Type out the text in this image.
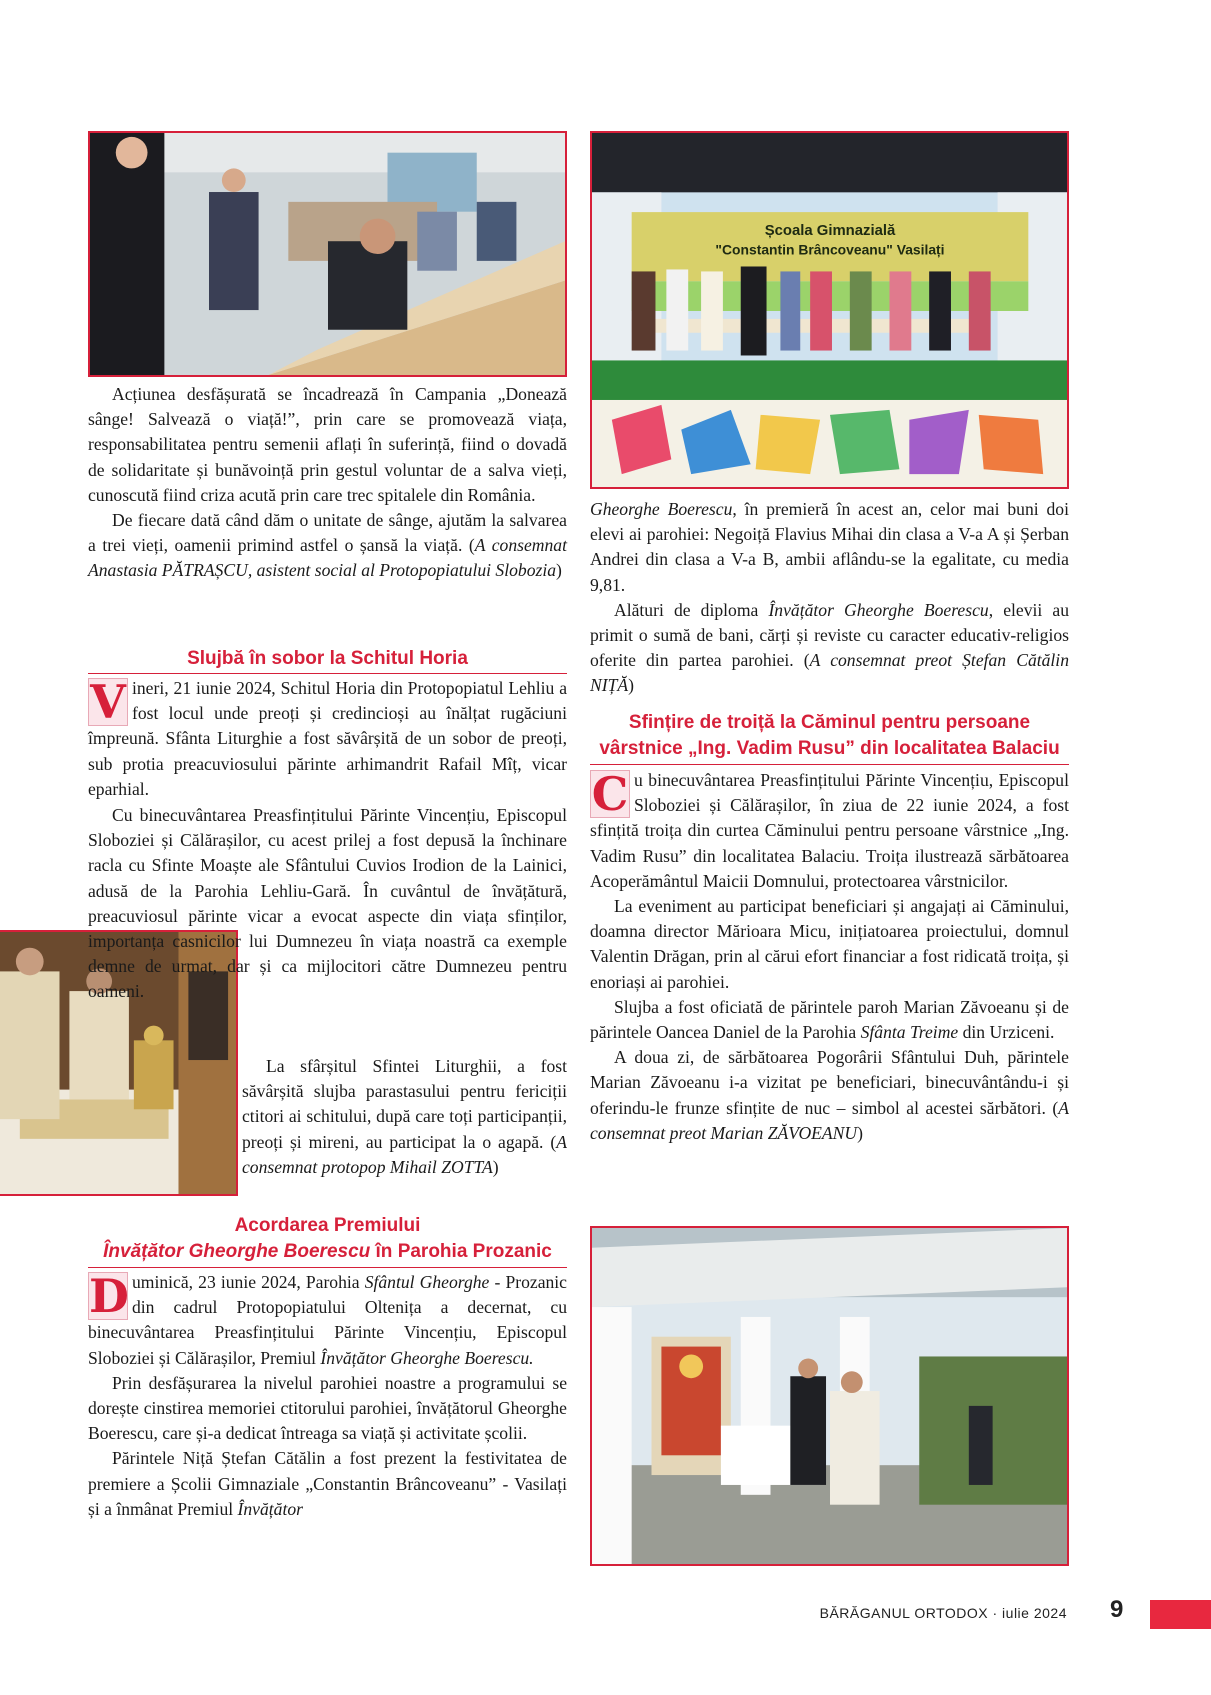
Acțiunea desfășurată se încadrează în Campania „Donează sânge! Salvează o viață!”, prin care se promovează viața, responsabilitatea pentru semenii aflați în suferință, fiind o dovadă de solidaritate și bunăvoință prin gestul voluntar de a salva vieți, cunoscută fiind criza acută prin care trec spitalele din România.

De fiecare dată când dăm o unitate de sânge, ajutăm la salvarea a trei vieți, oamenii primind astfel o șansă la viață. (A consemnat Anastasia PĂTRAȘCU, asistent social al Protopopiatului Slobozia)

Slujbă în sobor la Schitul Horia

V ineri, 21 iunie 2024, Schitul Horia din Protopopiatul Lehliu a fost locul unde preoți și credincioși au înălțat rugăciuni împreună. Sfânta Liturghie a fost săvârșită de un sobor de preoți, sub protia preacuviosului părinte arhimandrit Rafail Mîț, vicar eparhial.

Cu binecuvântarea Preasfințitului Părinte Vincențiu, Episcopul Sloboziei și Călărașilor, cu acest prilej a fost depusă la închinare racla cu Sfinte Moaște ale Sfântului Cuvios Irodion de la Lainici, adusă de la Parohia Lehliu-Gară. În cuvântul de învățătură, preacuviosul părinte vicar a evocat aspecte din viața sfinților, importanța casnicilor lui Dumnezeu în viața noastră ca exemple demne de urmat, dar și ca mijlocitori către Dumnezeu pentru oameni.

La sfârșitul Sfintei Liturghii, a fost săvârșită slujba parastasului pentru fericiții ctitori ai schitului, după care toți participanții, preoți și mireni, au participat la o agapă. (A consemnat protopop Mihail ZOTTA)

Acordarea Premiului
Învățător Gheorghe Boerescu în Parohia Prozanic

D uminică, 23 iunie 2024, Parohia Sfântul Gheorghe - Prozanic din cadrul Protopopiatului Oltenița a decernat, cu binecuvântarea Preasfințitului Părinte Vincențiu, Episcopul Sloboziei și Călărașilor, Premiul Învățător Gheorghe Boerescu.

Prin desfășurarea la nivelul parohiei noastre a programului se dorește cinstirea memoriei ctitorului parohiei, învățătorul Gheorghe Boerescu, care și-a dedicat întreaga sa viață și activitate școlii.

Părintele Niță Ștefan Cătălin a fost prezent la festivitatea de premiere a Școlii Gimnaziale „Constantin Brâncoveanu” - Vasilați și a înmânat Premiul Învățător

Școala Gimnazială
"Constantin Brâncoveanu" Vasilați

Gheorghe Boerescu, în premieră în acest an, celor mai buni doi elevi ai parohiei: Negoiță Flavius Mihai din clasa a V-a A și Șerban Andrei din clasa a V-a B, ambii aflându-se la egalitate, cu media 9,81.

Alături de diploma Învățător Gheorghe Boerescu, elevii au primit o sumă de bani, cărți și reviste cu caracter educativ-religios oferite din partea parohiei. (A consemnat preot Ștefan Cătălin NIȚĂ)

Sfințire de troiță la Căminul pentru persoane
vârstnice „Ing. Vadim Rusu” din localitatea Balaciu

C u binecuvântarea Preasfințitului Părinte Vincențiu, Episcopul Sloboziei și Călărașilor, în ziua de 22 iunie 2024, a fost sfințită troița din curtea Căminului pentru persoane vârstnice „Ing. Vadim Rusu” din localitatea Balaciu. Troița ilustrează sărbătoarea Acoperământul Maicii Domnului, protectoarea vârstnicilor.

La eveniment au participat beneficiari și angajați ai Căminului, doamna director Mărioara Micu, inițiatoarea proiectului, domnul Valentin Drăgan, prin al cărui efort financiar a fost ridicată troița, și enoriași ai parohiei.

Slujba a fost oficiată de părintele paroh Marian Zăvoeanu și de părintele Oancea Daniel de la Parohia Sfânta Treime din Urziceni.

A doua zi, de sărbătoarea Pogorârii Sfântului Duh, părintele Marian Zăvoeanu i-a vizitat pe beneficiari, binecuvântându-i și oferindu-le frunze sfințite de nuc – simbol al acestei sărbători. (A consemnat preot Marian ZĂVOEANU)

BĂRĂGANUL ORTODOX · iulie 2024 9
